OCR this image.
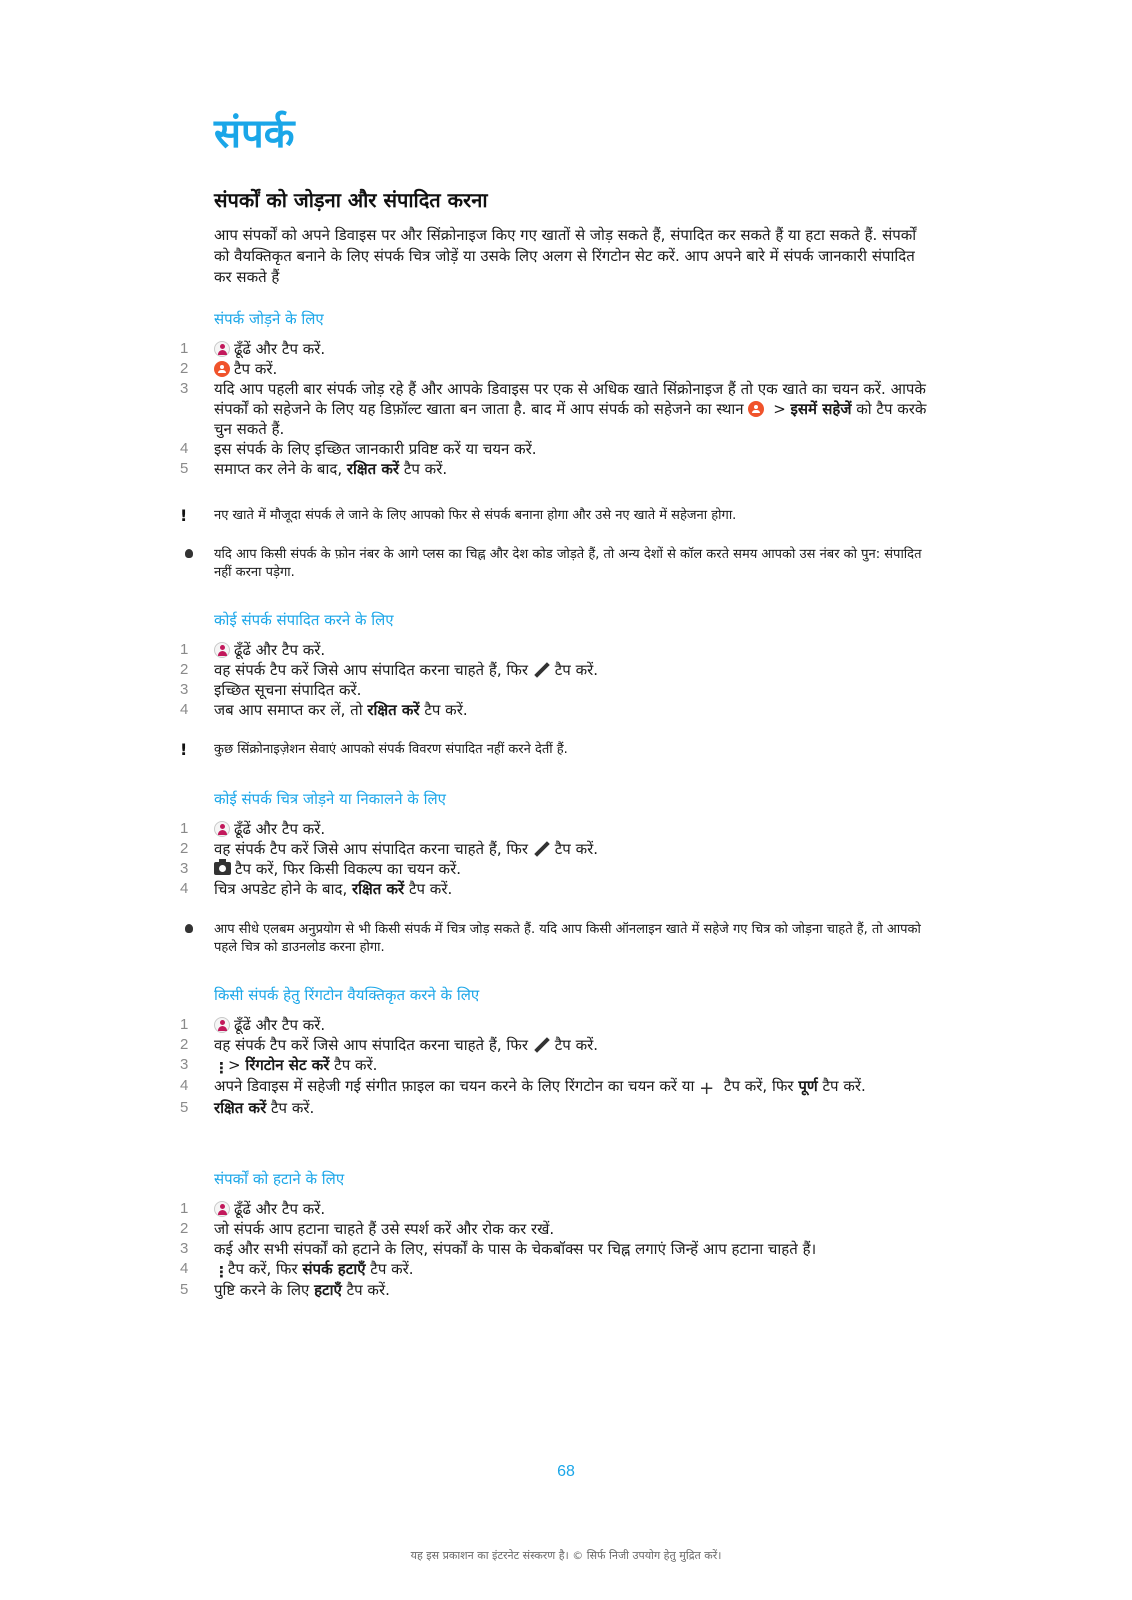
संपर्क
संपर्कों को जोड़ना और संपादित करना

आप संपर्कों को अपने डिवाइस पर और सिंक्रोनाइज किए गए खातों से जोड़ सकते हैं, संपादित कर सकते हैं या हटा सकते हैं. संपर्कों को वैयक्तिकृत बनाने के लिए संपर्क चित्र जोड़ें या उसके लिए अलग से रिंगटोन सेट करें. आप अपने बारे में संपर्क जानकारी संपादित कर सकते हैं

संपर्क जोड़ने के लिए
1	ढूँढें और टैप करें.
2	टैप करें.
3	यदि आप पहली बार संपर्क जोड़ रहे हैं और आपके डिवाइस पर एक से अधिक खाते सिंक्रोनाइज हैं तो एक खाते का चयन करें. आपके संपर्कों को सहेजने के लिए यह डिफ़ॉल्ट खाता बन जाता है. बाद में आप संपर्क को सहेजने का स्थान  > इसमें सहेजें को टैप करके चुन सकते हैं.
4	इस संपर्क के लिए इच्छित जानकारी प्रविष्ट करें या चयन करें.
5	समाप्त कर लेने के बाद, रक्षित करें टैप करें.
!	नए खाते में मौजूदा संपर्क ले जाने के लिए आपको फिर से संपर्क बनाना होगा और उसे नए खाते में सहेजना होगा.
यदि आप किसी संपर्क के फ़ोन नंबर के आगे प्लस का चिह्न और देश कोड जोड़ते हैं, तो अन्य देशों से कॉल करते समय आपको उस नंबर को पुन: संपादित नहीं करना पड़ेगा.
कोई संपर्क संपादित करने के लिए
1	ढूँढें और टैप करें.
2	वह संपर्क टैप करें जिसे आप संपादित करना चाहते हैं, फिर टैप करें.
3	इच्छित सूचना संपादित करें.
4	जब आप समाप्त कर लें, तो रक्षित करें टैप करें.
!	कुछ सिंक्रोनाइज़ेशन सेवाएं आपको संपर्क विवरण संपादित नहीं करने देतीं हैं.
कोई संपर्क चित्र जोड़ने या निकालने के लिए
1	ढूँढें और टैप करें.
2	वह संपर्क टैप करें जिसे आप संपादित करना चाहते हैं, फिर टैप करें.
3	टैप करें, फिर किसी विकल्प का चयन करें.
4	चित्र अपडेट होने के बाद, रक्षित करें टैप करें.
आप सीधे एलबम अनुप्रयोग से भी किसी संपर्क में चित्र जोड़ सकते हैं. यदि आप किसी ऑनलाइन खाते में सहेजे गए चित्र को जोड़ना चाहते हैं, तो आपको पहले चित्र को डाउनलोड करना होगा.
किसी संपर्क हेतु रिंगटोन वैयक्तिकृत करने के लिए
1	ढूँढें और टैप करें.
2	वह संपर्क टैप करें जिसे आप संपादित करना चाहते हैं, फिर टैप करें.
3	⋮> रिंगटोन सेट करें टैप करें.
4	अपने डिवाइस में सहेजी गई संगीत फ़ाइल का चयन करने के लिए रिंगटोन का चयन करें या + टैप करें, फिर पूर्ण टैप करें.
5	रक्षित करें टैप करें.
संपर्कों को हटाने के लिए
1	ढूँढें और टैप करें.
2	जो संपर्क आप हटाना चाहते हैं उसे स्पर्श करें और रोक कर रखें.
3	कई और सभी संपर्कों को हटाने के लिए, संपर्कों के पास के चेकबॉक्स पर चिह्न लगाएं जिन्हें आप हटाना चाहते हैं।
4	⋮टैप करें, फिर संपर्क हटाएँ टैप करें.
5	पुष्टि करने के लिए हटाएँ टैप करें.
68
यह इस प्रकाशन का इंटरनेट संस्करण है। © सिर्फ निजी उपयोग हेतु मुद्रित करें।
